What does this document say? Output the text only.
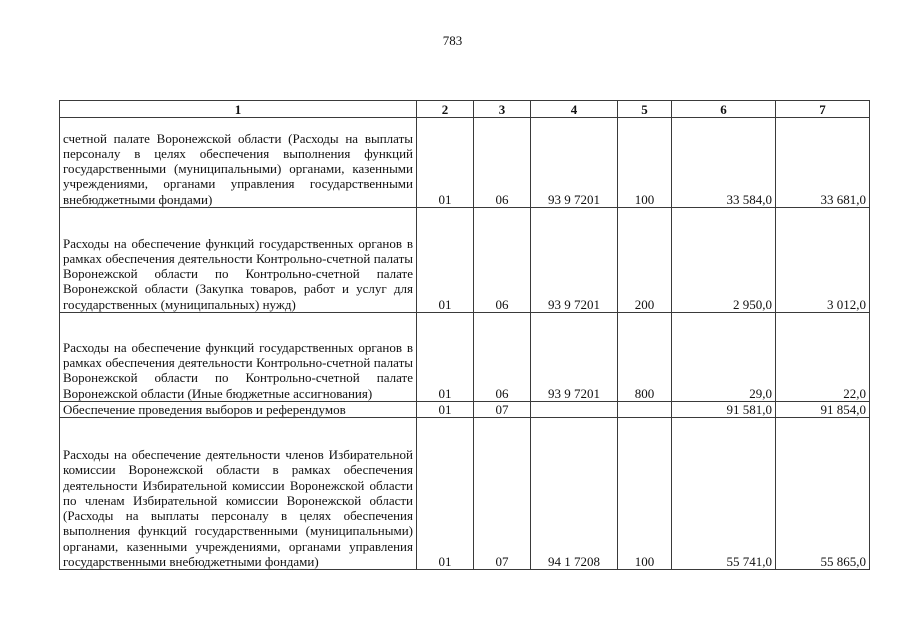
783
1	2	3	4	5	6	7
счетной палате Воронежской области (Расходы на выплаты персоналу в целях обеспечения выполнения функций государственными (муниципальными) органами, казенными учреждениями, органами управления государственными внебюджетными фондами)	01	06	93 9 7201	100	33 584,0	33 681,0
Расходы на обеспечение функций государственных органов в рамках обеспечения деятельности Контрольно-счетной палаты Воронежской области по Контрольно-счетной палате Воронежской области (Закупка товаров, работ и услуг для государственных (муниципальных) нужд)	01	06	93 9 7201	200	2 950,0	3 012,0
Расходы на обеспечение функций государственных органов в рамках обеспечения деятельности Контрольно-счетной палаты Воронежской области по Контрольно-счетной палате Воронежской области (Иные бюджетные ассигнования)	01	06	93 9 7201	800	29,0	22,0
Обеспечение проведения выборов и референдумов	01	07			91 581,0	91 854,0
Расходы на обеспечение деятельности членов Избирательной комиссии Воронежской области в рамках обеспечения деятельности Избирательной комиссии Воронежской области по членам Избирательной комиссии Воронежской области (Расходы на выплаты персоналу в целях обеспечения выполнения функций государственными (муниципальными) органами, казенными учреждениями, органами управления государственными внебюджетными фондами)	01	07	94 1 7208	100	55 741,0	55 865,0
